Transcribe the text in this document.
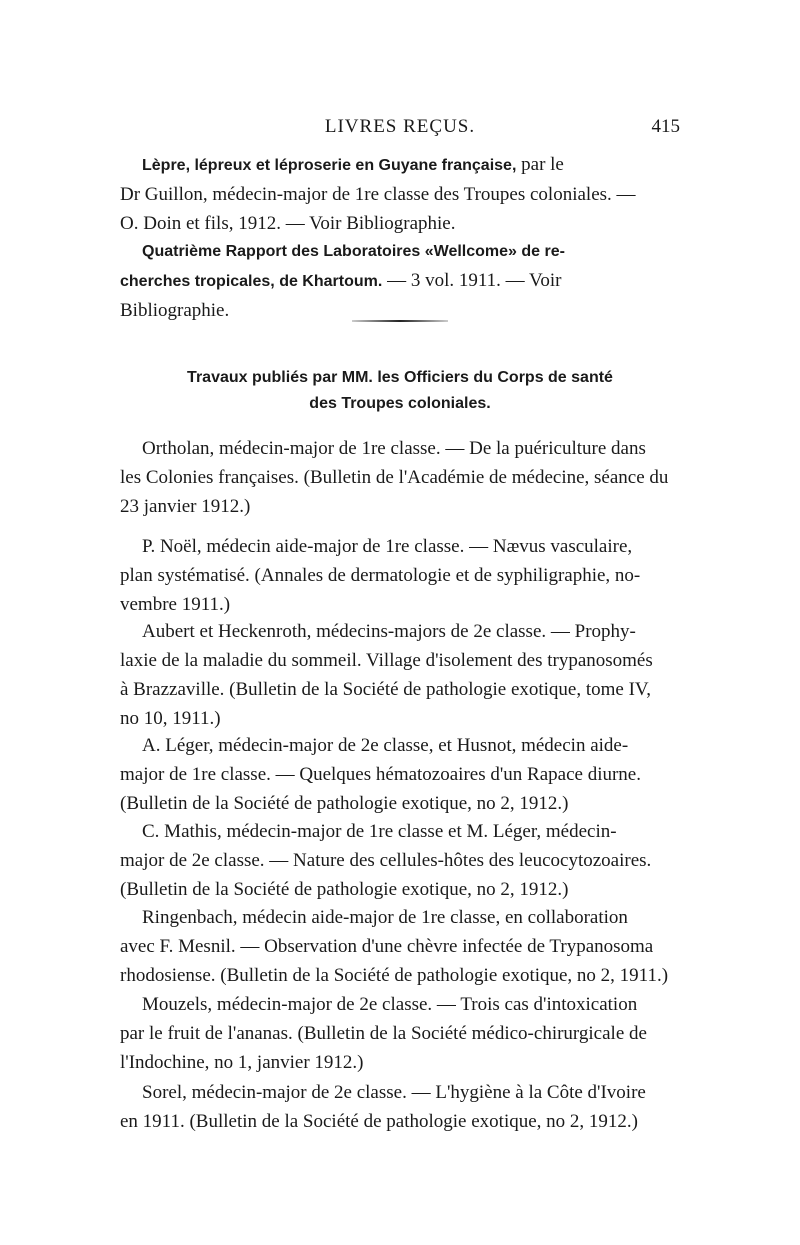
LIVRES REÇUS.	415
Lèpre, lépreux et léproserie en Guyane française, par le
Dr Guillon, médecin-major de 1re classe des Troupes coloniales. —
O. Doin et fils, 1912. — Voir Bibliographie.
Quatrième Rapport des Laboratoires «Wellcome» de re-
cherches tropicales, de Khartoum. — 3 vol. 1911. — Voir
Bibliographie.
Travaux publiés par MM. les Officiers du Corps de santé
des Troupes coloniales.
Ortholan, médecin-major de 1re classe. — De la puériculture dans
les Colonies françaises. (Bulletin de l'Académie de médecine, séance du
23 janvier 1912.)
P. Noël, médecin aide-major de 1re classe. — Nævus vasculaire,
plan systématisé. (Annales de dermatologie et de syphiligraphie, no-
vembre 1911.)
Aubert et Heckenroth, médecins-majors de 2e classe. — Prophy-
laxie de la maladie du sommeil. Village d'isolement des trypanosomés
à Brazzaville. (Bulletin de la Société de pathologie exotique, tome IV,
no 10, 1911.)
A. Léger, médecin-major de 2e classe, et Husnot, médecin aide-
major de 1re classe. — Quelques hématozoaires d'un Rapace diurne.
(Bulletin de la Société de pathologie exotique, no 2, 1912.)
C. Mathis, médecin-major de 1re classe et M. Léger, médecin-
major de 2e classe. — Nature des cellules-hôtes des leucocytozoaires.
(Bulletin de la Société de pathologie exotique, no 2, 1912.)
Ringenbach, médecin aide-major de 1re classe, en collaboration
avec F. Mesnil. — Observation d'une chèvre infectée de Trypanosoma
rhodosiense. (Bulletin de la Société de pathologie exotique, no 2, 1911.)
Mouzels, médecin-major de 2e classe. — Trois cas d'intoxication
par le fruit de l'ananas. (Bulletin de la Société médico-chirurgicale de
l'Indochine, no 1, janvier 1912.)
Sorel, médecin-major de 2e classe. — L'hygiène à la Côte d'Ivoire
en 1911. (Bulletin de la Société de pathologie exotique, no 2, 1912.)
